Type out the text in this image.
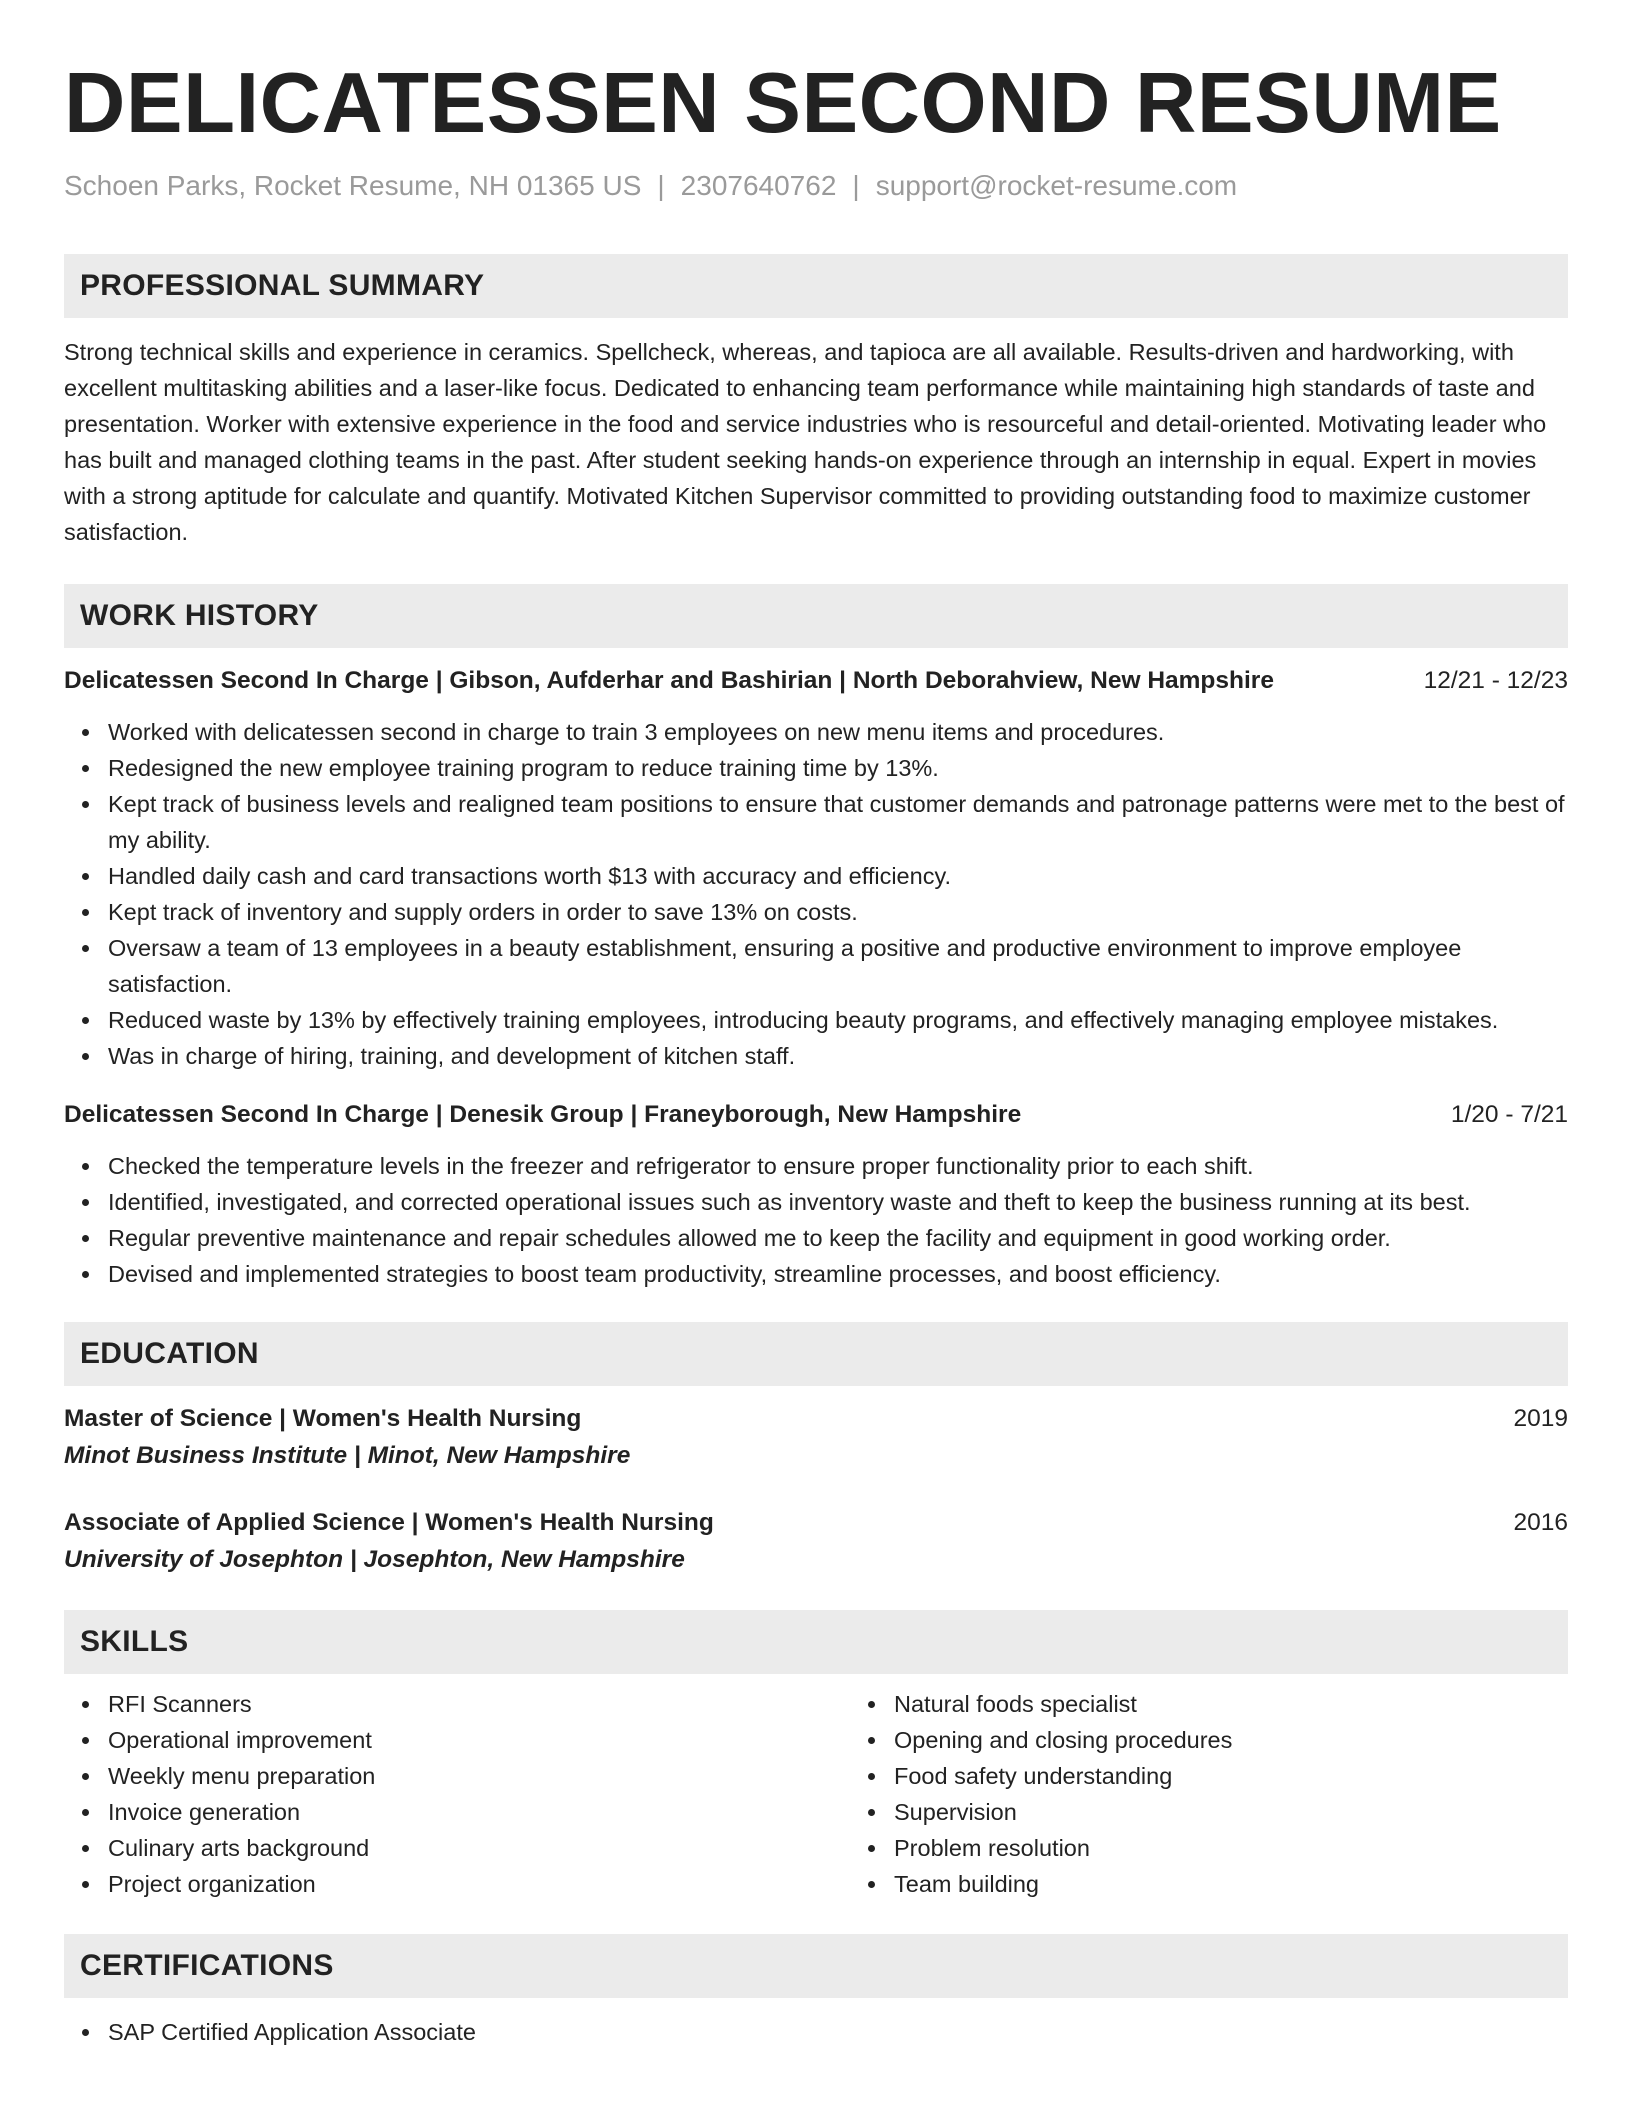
DELICATESSEN SECOND RESUME
Schoen Parks, Rocket Resume, NH 01365 US | 2307640762 | support@rocket-resume.com
PROFESSIONAL SUMMARY

Strong technical skills and experience in ceramics. Spellcheck, whereas, and tapioca are all available. Results-driven and hardworking, with excellent multitasking abilities and a laser-like focus. Dedicated to enhancing team performance while maintaining high standards of taste and presentation. Worker with extensive experience in the food and service industries who is resourceful and detail-oriented. Motivating leader who has built and managed clothing teams in the past. After student seeking hands-on experience through an internship in equal. Expert in movies with a strong aptitude for calculate and quantify. Motivated Kitchen Supervisor committed to providing outstanding food to maximize customer satisfaction.

WORK HISTORY
Delicatessen Second In Charge | Gibson, Aufderhar and Bashirian | North Deborahview, New Hampshire	12/21 - 12/23
Worked with delicatessen second in charge to train 3 employees on new menu items and procedures.
Redesigned the new employee training program to reduce training time by 13%.
Kept track of business levels and realigned team positions to ensure that customer demands and patronage patterns were met to the best of my ability.
Handled daily cash and card transactions worth $13 with accuracy and efficiency.
Kept track of inventory and supply orders in order to save 13% on costs.
Oversaw a team of 13 employees in a beauty establishment, ensuring a positive and productive environment to improve employee satisfaction.
Reduced waste by 13% by effectively training employees, introducing beauty programs, and effectively managing employee mistakes.
Was in charge of hiring, training, and development of kitchen staff.
Delicatessen Second In Charge | Denesik Group | Franeyborough, New Hampshire	1/20 - 7/21
Checked the temperature levels in the freezer and refrigerator to ensure proper functionality prior to each shift.
Identified, investigated, and corrected operational issues such as inventory waste and theft to keep the business running at its best.
Regular preventive maintenance and repair schedules allowed me to keep the facility and equipment in good working order.
Devised and implemented strategies to boost team productivity, streamline processes, and boost efficiency.
EDUCATION
Master of Science | Women's Health Nursing	2019
Minot Business Institute | Minot, New Hampshire
Associate of Applied Science | Women's Health Nursing	2016
University of Josephton | Josephton, New Hampshire
SKILLS
RFI Scanners
Operational improvement
Weekly menu preparation
Invoice generation
Culinary arts background
Project organization
Natural foods specialist
Opening and closing procedures
Food safety understanding
Supervision
Problem resolution
Team building
CERTIFICATIONS
SAP Certified Application Associate
